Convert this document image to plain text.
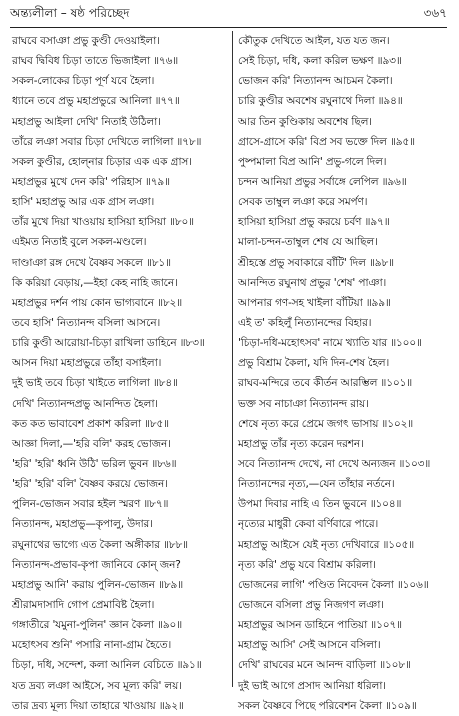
অন্ত্যলীলা – ষষ্ঠ পরিচ্ছেদ	৩৬৭
রাঘবে বসাঞা প্রভু কুণ্ডী দেওয়াইলা।
রাঘব দ্বিবিধ চিড়া তাতে ভিজাইলা ॥৭৬॥
সকল-লোকের চিড়া পূর্ণ যবে হৈলা।
ধ্যানে তবে প্রভু মহাপ্রভুরে আনিলা ॥৭৭॥
মহাপ্রভু আইলা দেখি' নিতাই উঠিলা।
তাঁরে লঞা সবার চিড়া দেখিতে লাগিলা ॥৭৮॥
সকল কুণ্ডীর, হোল্নার চিড়ার এক এক গ্রাস।
মহাপ্রভুর মুখে দেন করি' পরিহাস ॥৭৯॥
হাসি' মহাপ্রভু আর এক গ্রাস লঞা।
তাঁর মুখে দিয়া খাওয়ায় হাসিয়া হাসিয়া ॥৮০॥
এইমত নিতাই বুলে সকল-মণ্ডলে।
দাণ্ডাঞা রঙ্গ দেখে বৈষ্ণব সকলে ॥৮১॥
কি করিয়া বেড়ায়,—ইহা কেহ নাহি জানে।
মহাপ্রভুর দর্শন পায় কোন ভাগ্যবানে ॥৮২॥
তবে হাসি' নিত্যানন্দ বসিলা আসনে।
চারি কুণ্ডী আরোয়া-চিড়া রাখিলা ডাহিনে ॥৮৩॥
আসন দিয়া মহাপ্রভুরে তাঁহা বসাইলা।
দুই ভাই তবে চিড়া খাইতে লাগিলা ॥৮৪॥
দেখি' নিত্যানন্দপ্রভু আনন্দিত হৈলা।
কত কত ভাবাবেশ প্রকাশ করিলা ॥৮৫॥
আজ্ঞা দিলা,—'হরি বলি' করহ ভোজন।
'হরি' 'হরি' ধ্বনি উঠি' ভরিল ভুবন ॥৮৬॥
'হরি' 'হরি' বলি' বৈষ্ণব করয়ে ভোজন।
পুলিন-ভোজন সবার হইল স্মরণ ॥৮৭॥
নিত্যানন্দ, মহাপ্রভু—কৃপালু, উদার।
রঘুনাথের ভাগ্যে এত কৈলা অঙ্গীকার ॥৮৮॥
নিত্যানন্দ-প্রভাব-কৃপা জানিবে কোন্ জন?
মহাপ্রভু আনি' করায় পুলিন-ভোজন ॥৮৯॥
শ্রীরামদাসাদি গোপ প্রেমাবিষ্ট হৈলা।
গঙ্গাতীরে 'যমুনা-পুলিন' জ্ঞান কৈলা ॥৯০॥
মহোৎসব শুনি' পসারি নানা-গ্রাম হৈতে।
চিড়া, দধি, সন্দেশ, কলা আনিল বেচিতে ॥৯১॥
যত দ্রব্য লঞা আইসে, সব মূল্য করি' লয়।
তার দ্রব্য মূল্য দিয়া তাহারে খাওয়ায় ॥৯২॥
কৌতুক দেখিতে আইল, যত যত জন।
সেই চিড়া, দধি, কলা করিল ভক্ষণ ॥৯৩॥
ভোজন করি' নিত্যানন্দ আচমন কৈলা।
চারি কুণ্ডীর অবশেষ রঘুনাথে দিলা ॥৯৪॥
আর তিন কুণ্ডিকায় অবশেষ ছিল।
গ্রাসে-গ্রাসে করি' বিপ্র সব ভক্তে দিল ॥৯৫॥
পুষ্পমালা বিপ্র আনি' প্রভু-গলে দিল।
চন্দন আনিয়া প্রভুর সর্বাঙ্গে লেপিল ॥৯৬॥
সেবক তাম্বুল লঞা করে সমর্পণ।
হাসিয়া হাসিয়া প্রভু করয়ে চর্বণ ॥৯৭॥
মালা-চন্দন-তাম্বুল শেষ যে আছিল।
শ্রীহস্তে প্রভু সবাকারে বাঁটি' দিল ॥৯৮॥
আনন্দিত রঘুনাথ প্রভুর 'শেষ' পাঞা।
আপনার গণ-সহ খাইলা বাঁটিয়া ॥৯৯॥
এই ত' কহিলুঁ নিত্যানন্দের বিহার।
'চিড়া-দধি-মহোৎসব' নামে খ্যাতি যার ॥১০০॥
প্রভু বিশ্রাম কৈলা, যদি দিন-শেষ হৈল।
রাঘব-মন্দিরে তবে কীর্তন আরম্ভিল ॥১০১॥
ভক্ত সব নাচাঞা নিত্যানন্দ রায়।
শেষে নৃত্য করে প্রেমে জগৎ ভাসায় ॥১০২॥
মহাপ্রভু তাঁর নৃত্য করেন দরশন।
সবে নিত্যানন্দ দেখে, না দেখে অন্যজন ॥১০৩॥
নিত্যানন্দের নৃত্য,—যেন তাঁহার নর্তনে।
উপমা দিবার নাহি এ তিন ভুবনে ॥১০৪॥
নৃত্যের মাধুরী কেবা বর্ণিবারে পারে।
মহাপ্রভু আইসে যেই নৃত্য দেখিবারে ॥১০৫॥
নৃত্য করি' প্রভু যবে বিশ্রাম করিলা।
ভোজনের লাগি' পণ্ডিত নিবেদন কৈলা ॥১০৬॥
ভোজনে বসিলা প্রভু নিজগণ লঞা।
মহাপ্রভুর আসন ডাহিনে পাতিয়া ॥১০৭॥
মহাপ্রভু আসি' সেই আসনে বসিলা।
দেখি' রাঘবের মনে আনন্দ বাড়িলা ॥১০৮॥
দুই ভাই আগে প্রসাদ আনিয়া ধরিলা।
সকল বৈষ্ণবে পিছে পরিবেশন কৈলা ॥১০৯॥
